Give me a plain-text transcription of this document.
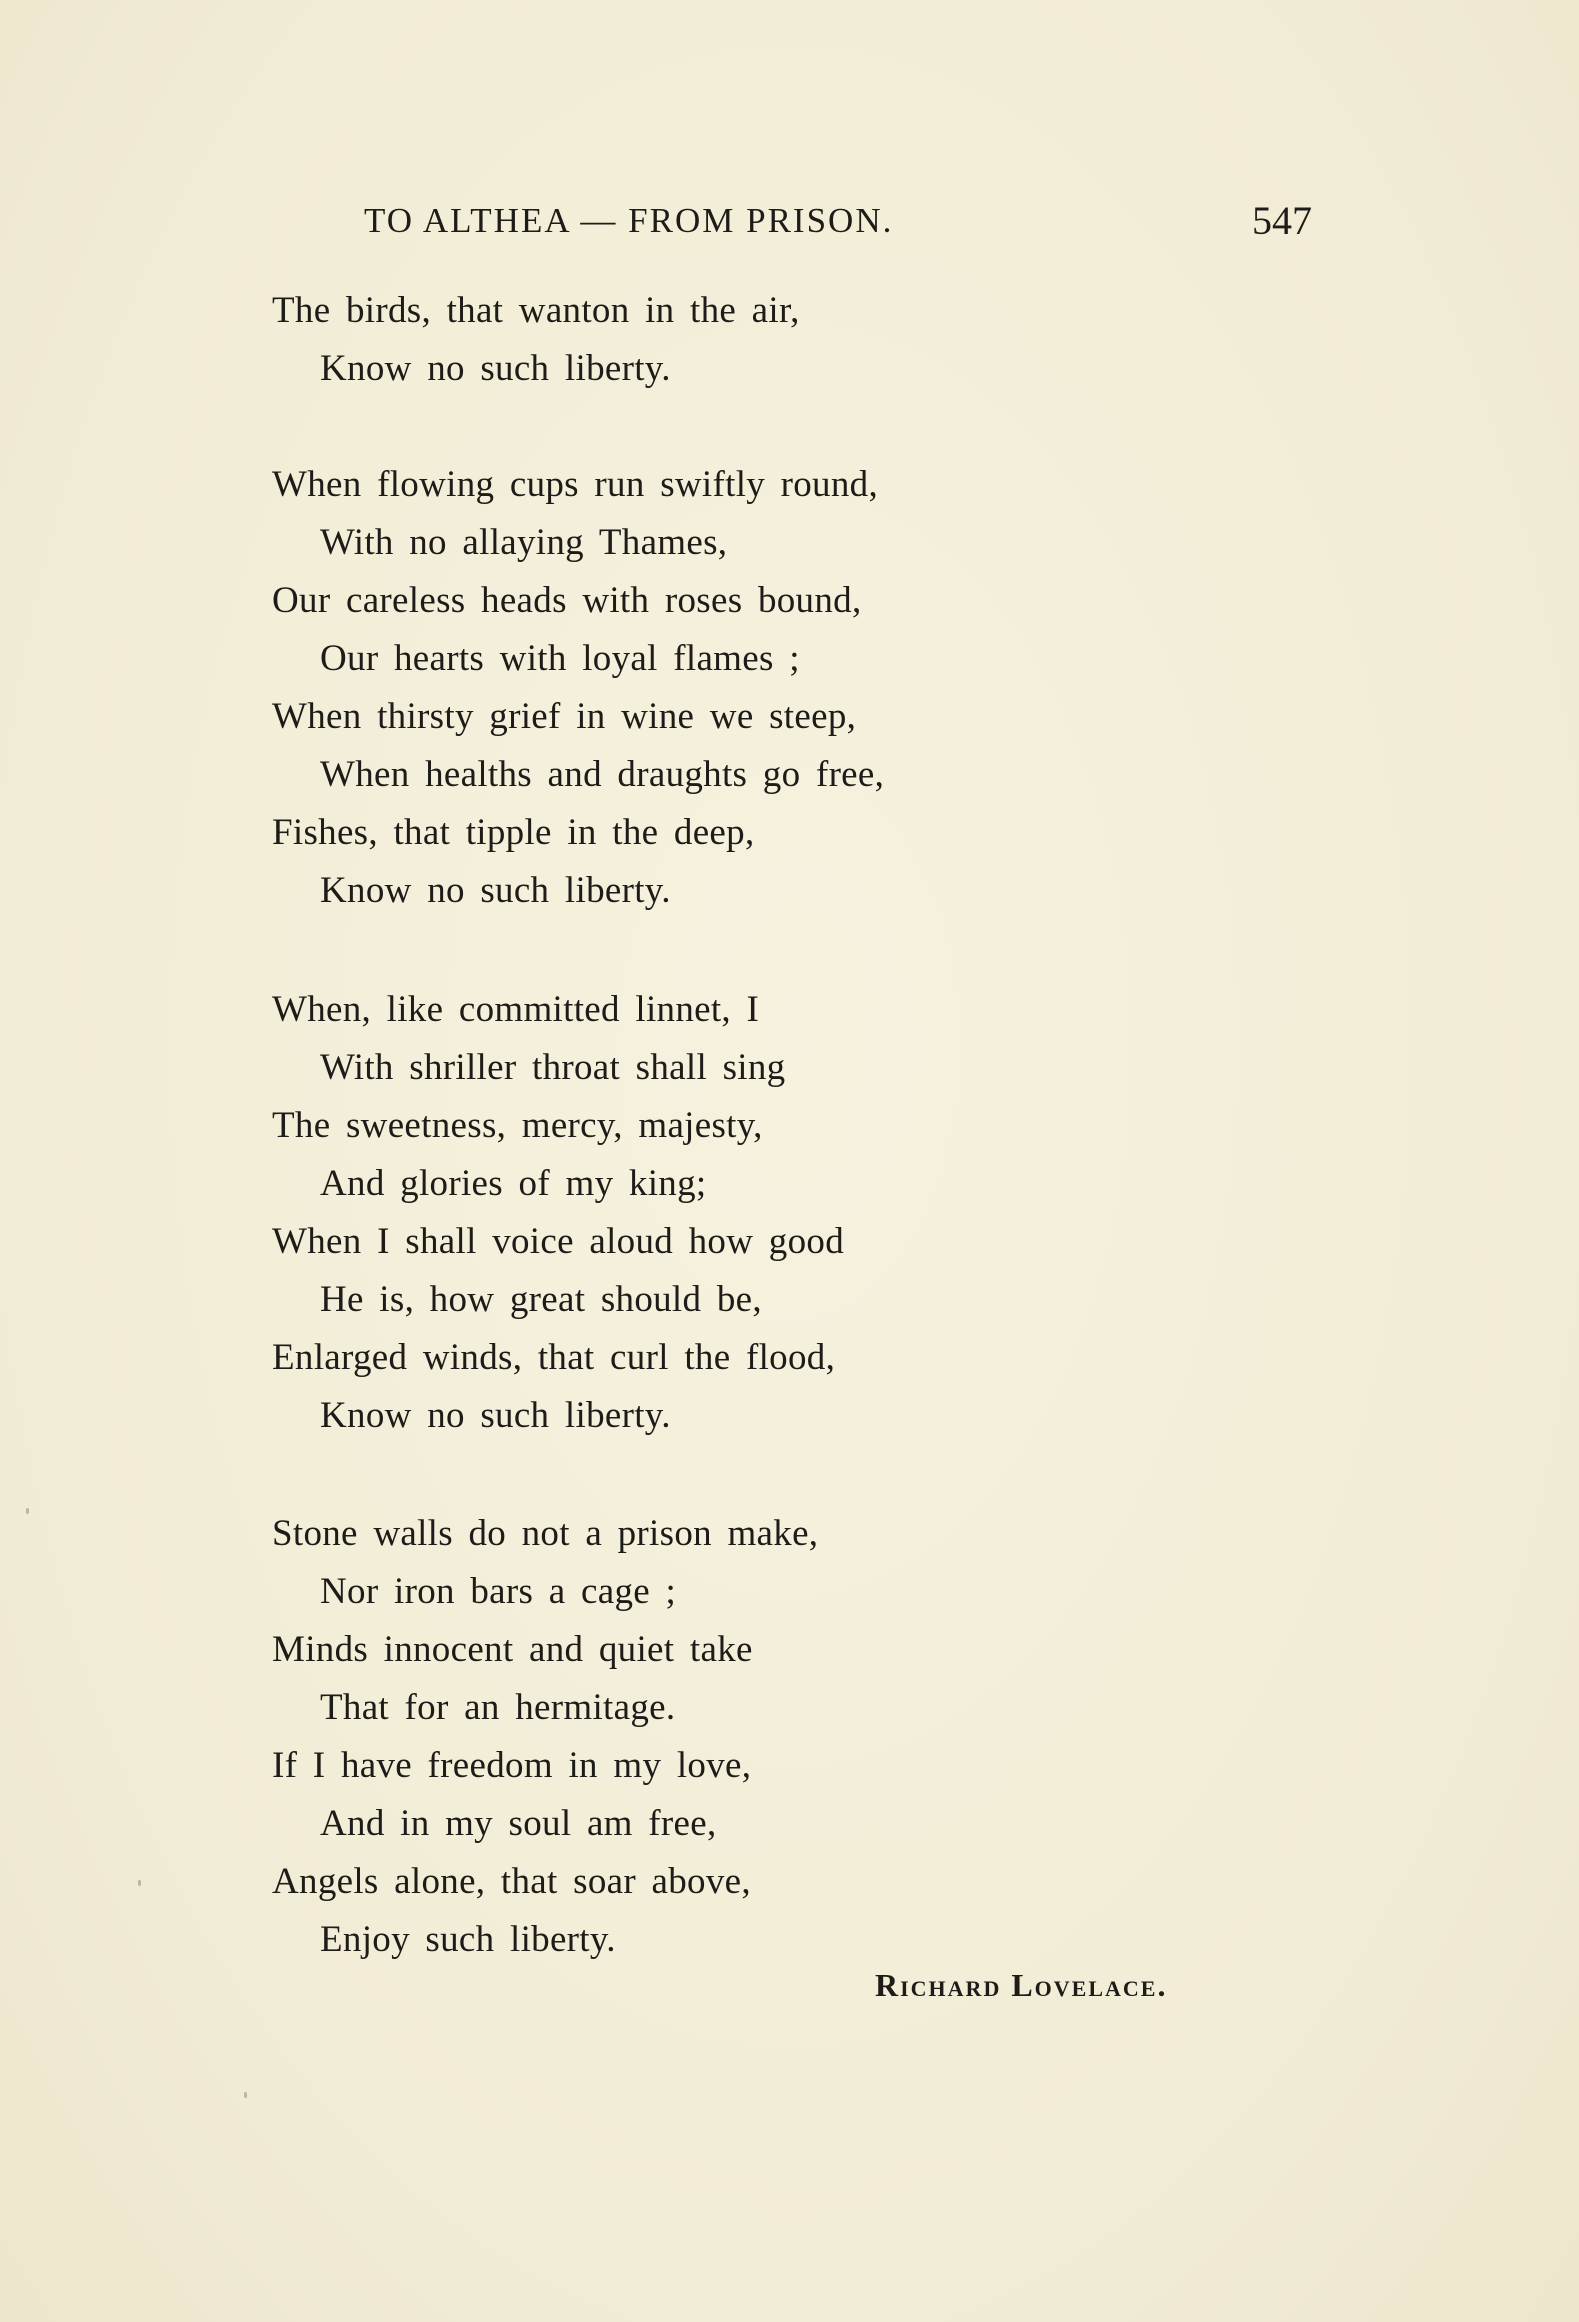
TO ALTHEA — FROM PRISON.	547
The birds, that wanton in the air,
Know no such liberty.
When flowing cups run swiftly round,
With no allaying Thames,
Our careless heads with roses bound,
Our hearts with loyal flames ;
When thirsty grief in wine we steep,
When healths and draughts go free,
Fishes, that tipple in the deep,
Know no such liberty.
When, like committed linnet, I
With shriller throat shall sing
The sweetness, mercy, majesty,
And glories of my king;
When I shall voice aloud how good
He is, how great should be,
Enlarged winds, that curl the flood,
Know no such liberty.
Stone walls do not a prison make,
Nor iron bars a cage ;
Minds innocent and quiet take
That for an hermitage.
If I have freedom in my love,
And in my soul am free,
Angels alone, that soar above,
Enjoy such liberty.
Richard Lovelace.
